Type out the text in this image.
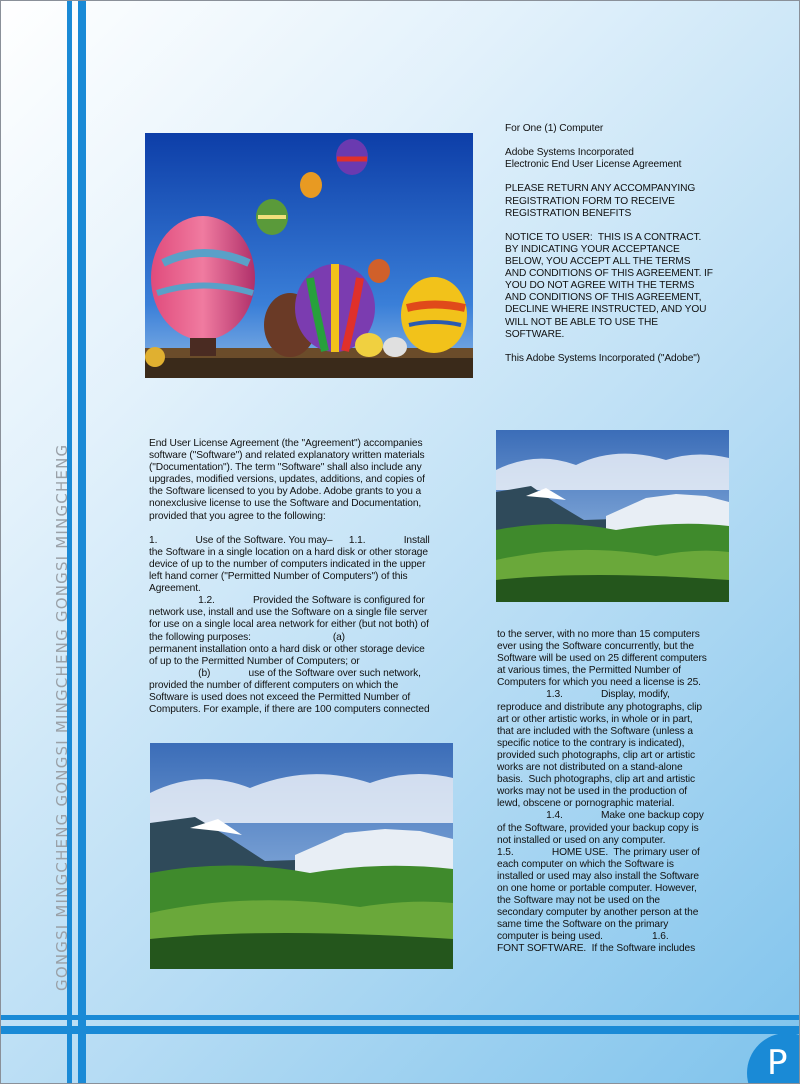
GONGSI MINGCHENG GONGSI MINGCHENG GONGSI MINGCHENG
For One (1) Computer

Adobe Systems Incorporated
Electronic End User License Agreement

PLEASE RETURN ANY ACCOMPANYING
REGISTRATION FORM TO RECEIVE
REGISTRATION BENEFITS

NOTICE TO USER:  THIS IS A CONTRACT.
BY INDICATING YOUR ACCEPTANCE
BELOW, YOU ACCEPT ALL THE TERMS
AND CONDITIONS OF THIS AGREEMENT. IF
YOU DO NOT AGREE WITH THE TERMS
AND CONDITIONS OF THIS AGREEMENT,
DECLINE WHERE INSTRUCTED, AND YOU
WILL NOT BE ABLE TO USE THE
SOFTWARE.

This Adobe Systems Incorporated ("Adobe")
End User License Agreement (the "Agreement") accompanies
software ("Software") and related explanatory written materials
("Documentation"). The term "Software" shall also include any
upgrades, modified versions, updates, additions, and copies of
the Software licensed to you by Adobe. Adobe grants to you a
nonexclusive license to use the Software and Documentation,
provided that you agree to the following:

1.              Use of the Software. You may–      1.1.              Install
the Software in a single location on a hard disk or other storage
device of up to the number of computers indicated in the upper
left hand corner ("Permitted Number of Computers") of this
Agreement.
1.2.              Provided the Software is configured for
network use, install and use the Software on a single file server
for use on a single local area network for either (but not both) of
the following purposes:                              (a)
permanent installation onto a hard disk or other storage device
of up to the Permitted Number of Computers; or
(b)              use of the Software over such network,
provided the number of different computers on which the
Software is used does not exceed the Permitted Number of
Computers. For example, if there are 100 computers connected
to the server, with no more than 15 computers
ever using the Software concurrently, but the
Software will be used on 25 different computers
at various times, the Permitted Number of
Computers for which you need a license is 25.
1.3.              Display, modify,
reproduce and distribute any photographs, clip
art or other artistic works, in whole or in part,
that are included with the Software (unless a
specific notice to the contrary is indicated),
provided such photographs, clip art or artistic
works are not distributed on a stand-alone
basis.  Such photographs, clip art and artistic
works may not be used in the production of
lewd, obscene or pornographic material.
1.4.              Make one backup copy
of the Software, provided your backup copy is
not installed or used on any computer.
1.5.              HOME USE.  The primary user of
each computer on which the Software is
installed or used may also install the Software
on one home or portable computer. However,
the Software may not be used on the
secondary computer by another person at the
same time the Software on the primary
computer is being used.                  1.6.
FONT SOFTWARE.  If the Software includes
P
